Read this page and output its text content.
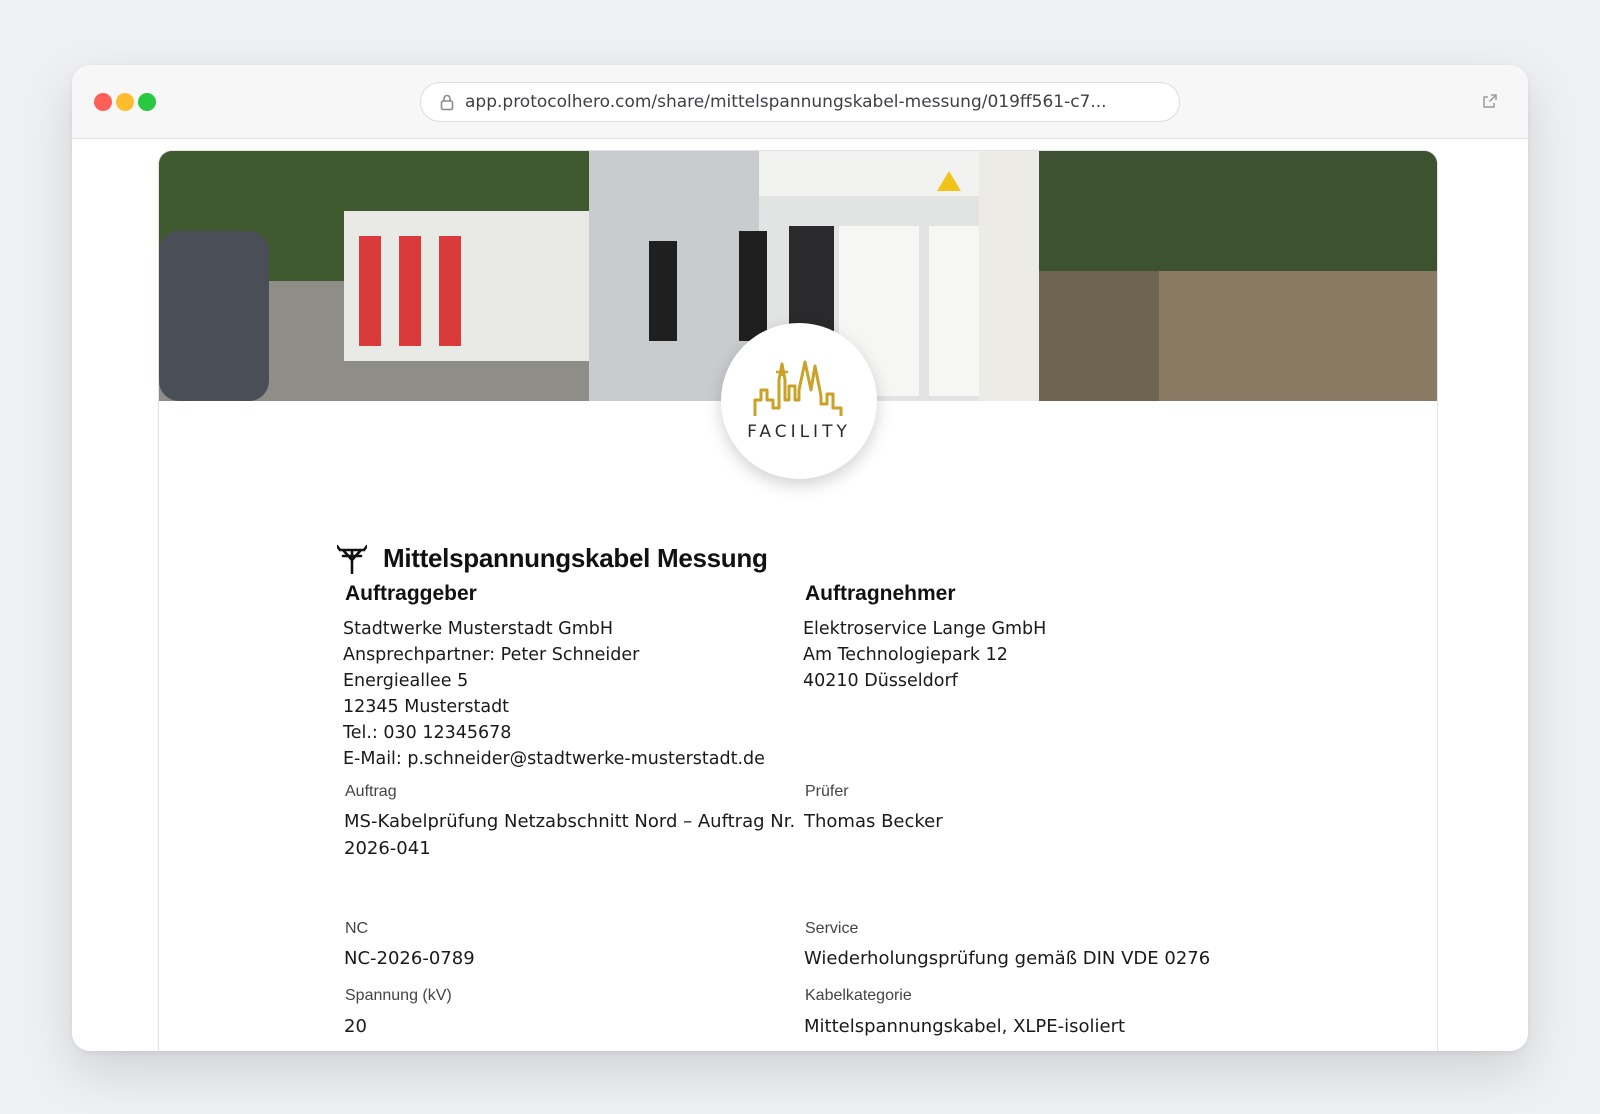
app.protocolhero.com/share/mittelspannungskabel-messung/019ff561-c7...
FACILITY
Mittelspannungskabel Messung
Auftraggeber
Stadtwerke Musterstadt GmbH
Ansprechpartner: Peter Schneider
Energieallee 5
12345 Musterstadt
Tel.: 030 12345678
E-Mail: p.schneider@stadtwerke-musterstadt.de
Auftrag
MS-Kabelprüfung Netzabschnitt Nord – Auftrag Nr.
2026-041
NC
NC-2026-0789
Spannung (kV)
20
Auftragnehmer
Elektroservice Lange GmbH
Am Technologiepark 12
40210 Düsseldorf
Prüfer
Thomas Becker
Service
Wiederholungsprüfung gemäß DIN VDE 0276
Kabelkategorie
Mittelspannungskabel, XLPE-isoliert
